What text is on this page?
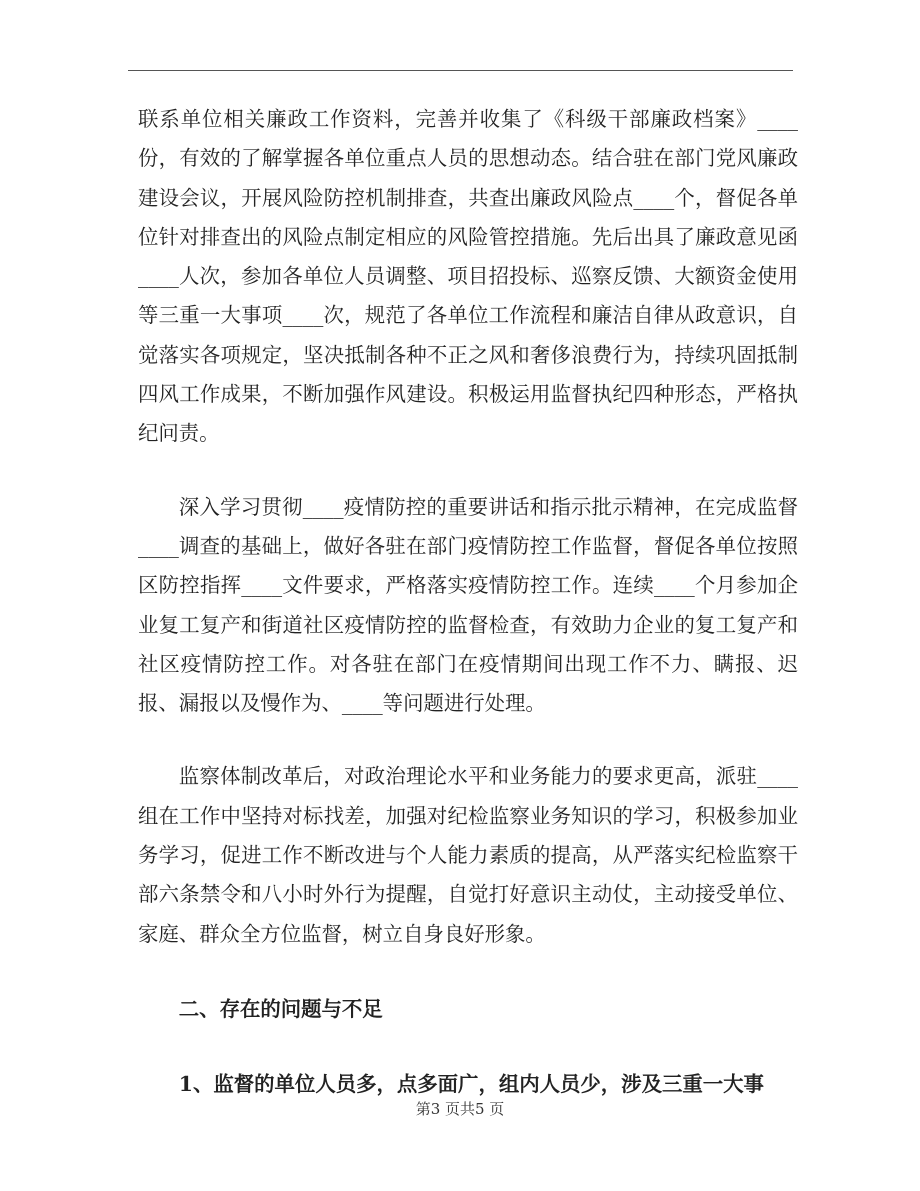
联系单位相关廉政工作资料，完善并收集了《科级干部廉政档案》____份，有效的了解掌握各单位重点人员的思想动态。结合驻在部门党风廉政建设会议，开展风险防控机制排查，共查出廉政风险点____个，督促各单位针对排查出的风险点制定相应的风险管控措施。先后出具了廉政意见函____人次，参加各单位人员调整、项目招投标、巡察反馈、大额资金使用等三重一大事项____次，规范了各单位工作流程和廉洁自律从政意识，自觉落实各项规定，坚决抵制各种不正之风和奢侈浪费行为，持续巩固抵制四风工作成果，不断加强作风建设。积极运用监督执纪四种形态，严格执纪问责。

深入学习贯彻____疫情防控的重要讲话和指示批示精神，在完成监督____调查的基础上，做好各驻在部门疫情防控工作监督，督促各单位按照区防控指挥____文件要求，严格落实疫情防控工作。连续____个月参加企业复工复产和街道社区疫情防控的监督检查，有效助力企业的复工复产和社区疫情防控工作。对各驻在部门在疫情期间出现工作不力、瞒报、迟报、漏报以及慢作为、____等问题进行处理。

监察体制改革后，对政治理论水平和业务能力的要求更高，派驻____组在工作中坚持对标找差，加强对纪检监察业务知识的学习，积极参加业务学习，促进工作不断改进与个人能力素质的提高，从严落实纪检监察干部六条禁令和八小时外行为提醒，自觉打好意识主动仗，主动接受单位、家庭、群众全方位监督，树立自身良好形象。

二、存在的问题与不足

1、监督的单位人员多，点多面广，组内人员少，涉及三重一大事

第3 页共5 页
